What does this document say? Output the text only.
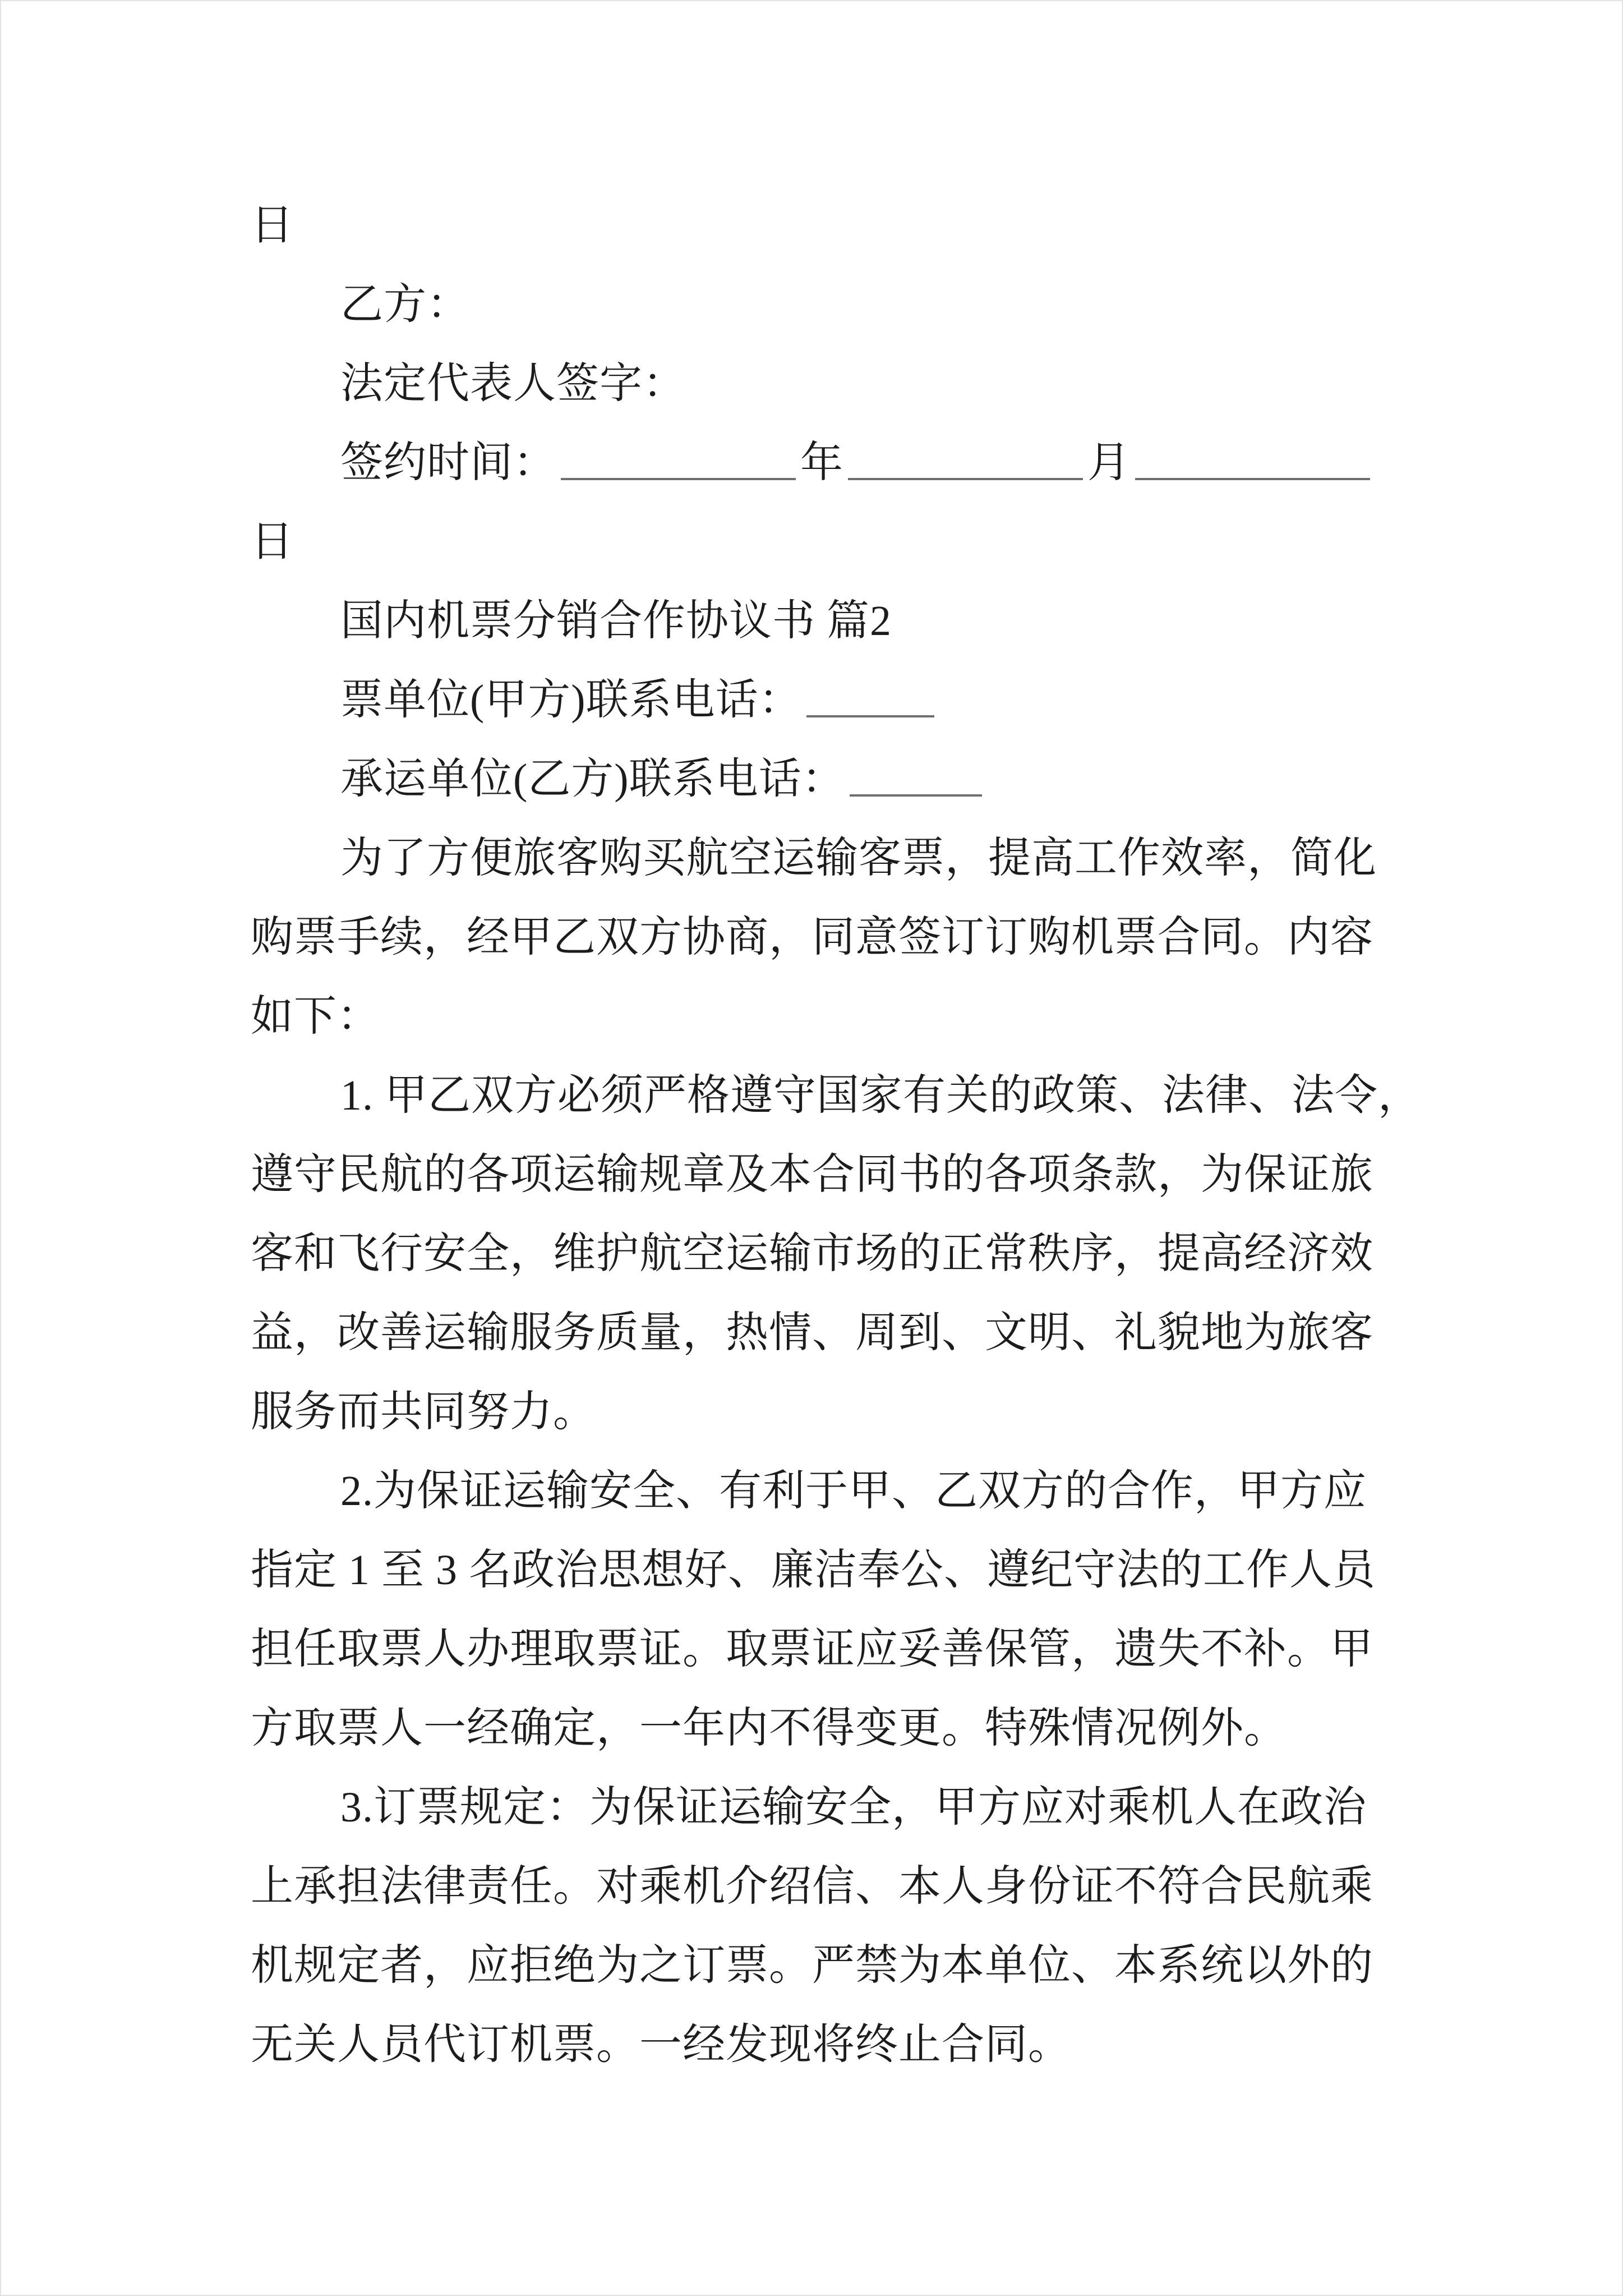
日
乙方：
法定代表人签字：
签约时间：	年	月
日
国内机票分销合作协议书 篇2
票单位(甲方)联系电话：
承运单位(乙方)联系电话：
为了方便旅客购买航空运输客票，提高工作效率，简化
购票手续，经甲乙双方协商，同意签订订购机票合同。内容
如下：
1. 甲乙双方必须严格遵守国家有关的政策、法律、法令，
遵守民航的各项运输规章及本合同书的各项条款，为保证旅
客和飞行安全，维护航空运输市场的正常秩序，提高经济效
益，改善运输服务质量，热情、周到、文明、礼貌地为旅客
服务而共同努力。
2.为保证运输安全、有利于甲、乙双方的合作，甲方应
指定 1 至 3 名政治思想好、廉洁奉公、遵纪守法的工作人员
担任取票人办理取票证。取票证应妥善保管，遗失不补。甲
方取票人一经确定，一年内不得变更。特殊情况例外。
3.订票规定：为保证运输安全，甲方应对乘机人在政治
上承担法律责任。对乘机介绍信、本人身份证不符合民航乘
机规定者，应拒绝为之订票。严禁为本单位、本系统以外的
无关人员代订机票。一经发现将终止合同。
